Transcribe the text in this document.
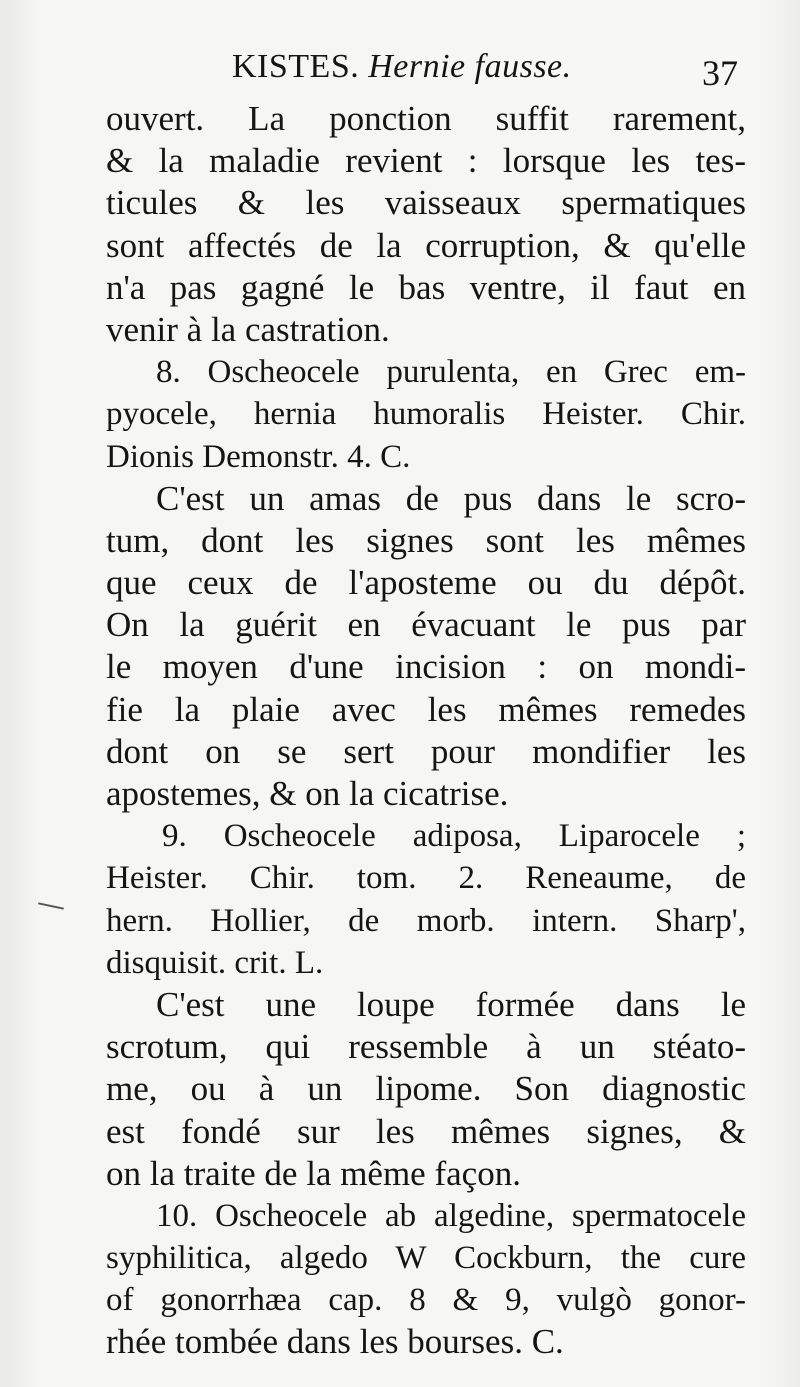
KISTES. Hernie fausse.	37
ouvert. La ponction suffit rarement,
& la maladie revient : lorsque les tes-
ticules & les vaisseaux spermatiques
sont affectés de la corruption, & qu'elle
n'a pas gagné le bas ventre, il faut en
venir à la castration.
8. Oscheocele purulenta, en Grec em-
pyocele, hernia humoralis Heister. Chir.
Dionis Demonstr. 4. C.
C'est un amas de pus dans le scro-
tum, dont les signes sont les mêmes
que ceux de l'aposteme ou du dépôt.
On la guérit en évacuant le pus par
le moyen d'une incision : on mondi-
fie la plaie avec les mêmes remedes
dont on se sert pour mondifier les
apostemes, & on la cicatrise.
9. Oscheocele adiposa, Liparocele ;
Heister. Chir. tom. 2. Reneaume, de
hern. Hollier, de morb. intern. Sharp',
disquisit. crit. L.
C'est une loupe formée dans le
scrotum, qui ressemble à un stéato-
me, ou à un lipome. Son diagnostic
est fondé sur les mêmes signes, &
on la traite de la même façon.
10. Oscheocele ab algedine, spermatocele
syphilitica, algedo W Cockburn, the cure
of gonorrhæa cap. 8 & 9, vulgò gonor-
rhée tombée dans les bourses. C.
